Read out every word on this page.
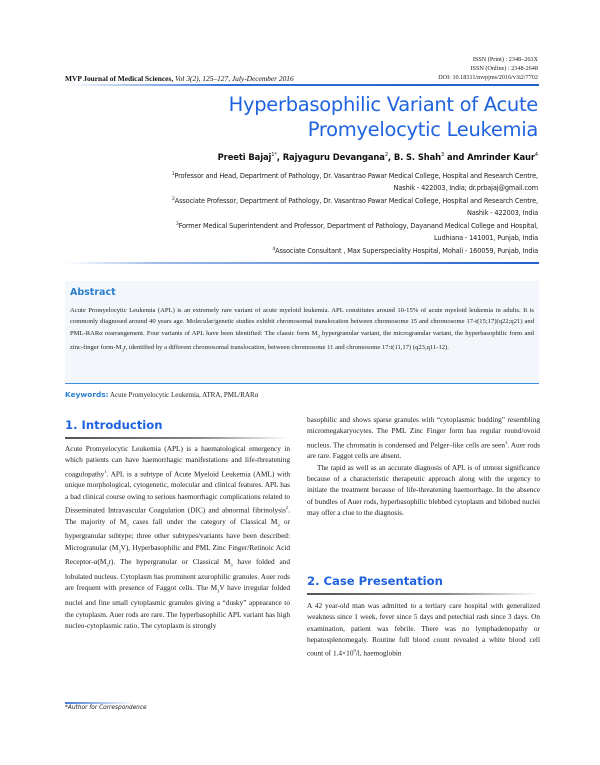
ISSN (Print) : 2348–263X
ISSN (Online) : 2348-2648
DOI: 10.18311/mvpjms/2016/v3i2/7702
MVP Journal of Medical Sciences, Vol 3(2), 125–127, July-December 2016
Hyperbasophilic Variant of Acute
Promyelocytic Leukemia
Preeti Bajaj$^{1*}$, Rajyaguru Devangana$^2$, B. S. Shah$^3$ and Amrinder Kaur$^4$
$^1$Professor and Head, Department of Pathology, Dr. Vasantrao Pawar Medical College, Hospital and Research Centre,
Nashik - 422003, India; dr.prbajaj@gmail.com
$^2$Associate Professor, Department of Pathology, Dr. Vasantrao Pawar Medical College, Hospital and Research Centre,
Nashik - 422003, India
$^3$Former Medical Superintendent and Professor, Department of Pathology, Dayanand Medical College and Hospital,
Ludhiana - 141001, Punjab, India
$^4$Associate Consultant , Max Superspeciality Hospital, Mohali - 160059, Punjab, India
Abstract
Acute Promyelocytic Leukemia (APL) is an extremely rare variant of acute myeloid leukemia. APL constitutes around 10-15% of acute myeloid leukemia in adults. It is commonly diagnosed around 40 years age. Molecular/genetic studies exhibit chromosomal translocation between chromosome 15 and chromosome 17-t(15;17)(q22;q21) and PML-RARα rearrangement. Four variants of APL have been identified: The classic form $M_3$ hypergranular variant, the microgranular variant, the hyperbasophilic form and zinc-finger form-$M_3r$, identified by a different chromosomal translocation, between chromosome 11 and chromosome 17:t(11,17) (q23,q11-12).
Keywords: Acute Promyelocytic Leukemia, ATRA, PML/RARα
1. Introduction

Acute Promyelocytic Leukemia (APL) is a haematological emergency in which patients can have haemorrhagic manifestations and life-threatening coagulopathy$^1$. APL is a subtype of Acute Myeloid Leukemia (AML) with unique morphological, cytogenetic, molecular and clinical features. APL has a bad clinical course owing to serious haemorrhagic complications related to Disseminated Intravascular Coagulation (DIC) and abnormal fibrinolysis$^2$. The majority of $M_3$ cases fall under the category of Classical $M_3$ or hypergranular subtype; three other subtypes/variants have been described: Microgranular $(M_3V)$, Hyperbasophilic and PML Zinc Finger/Retinoic Acid Receptor-$\alpha(M_3r)$. The hypergranular or Classical $M_3$ have folded and lobulated nucleus. Cytoplasm has prominent azurophilic granules. Auer rods are frequent with presence of Faggot cells. The $M_3V$ have irregular folded nuclei and fine small cytoplasmic granules giving a “dusky” appearance to the cytoplasm. Auer rods are rare. The hyperbasophilic APL variant has high nucleo-cytoplasmic ratio. The cytoplasm is strongly

*Author for Correspondence

basophilic and shows sparse granules with “cytoplasmic budding” resembling micromegakaryocytes. The PML Zinc Finger form has regular round/ovoid nucleus. The chromatin is condensed and Pelger–like cells are seen$^3$. Auer rods are rare. Faggot cells are absent.

The rapid as well as an accurate diagnosis of APL is of utmost significance because of a characteristic therapeutic approach along with the urgency to initiate the treatment because of life-threatening haemorrhage. In the absence of bundles of Auer rods, hyperbasophilic blebbed cytoplasm and bilobed nuclei may offer a clue to the diagnosis.

2. Case Presentation

A 42 year-old man was admitted to a tertiary care hospital with generalized weakness since 1 week, fever since 5 days and petechial rash since 3 days. On examination, patient was febrile. There was no lymphadenopathy or hepatosplenomegaly. Routine full blood count revealed a white blood cell count of $1.4\times 10^9/l$, haemoglobin
